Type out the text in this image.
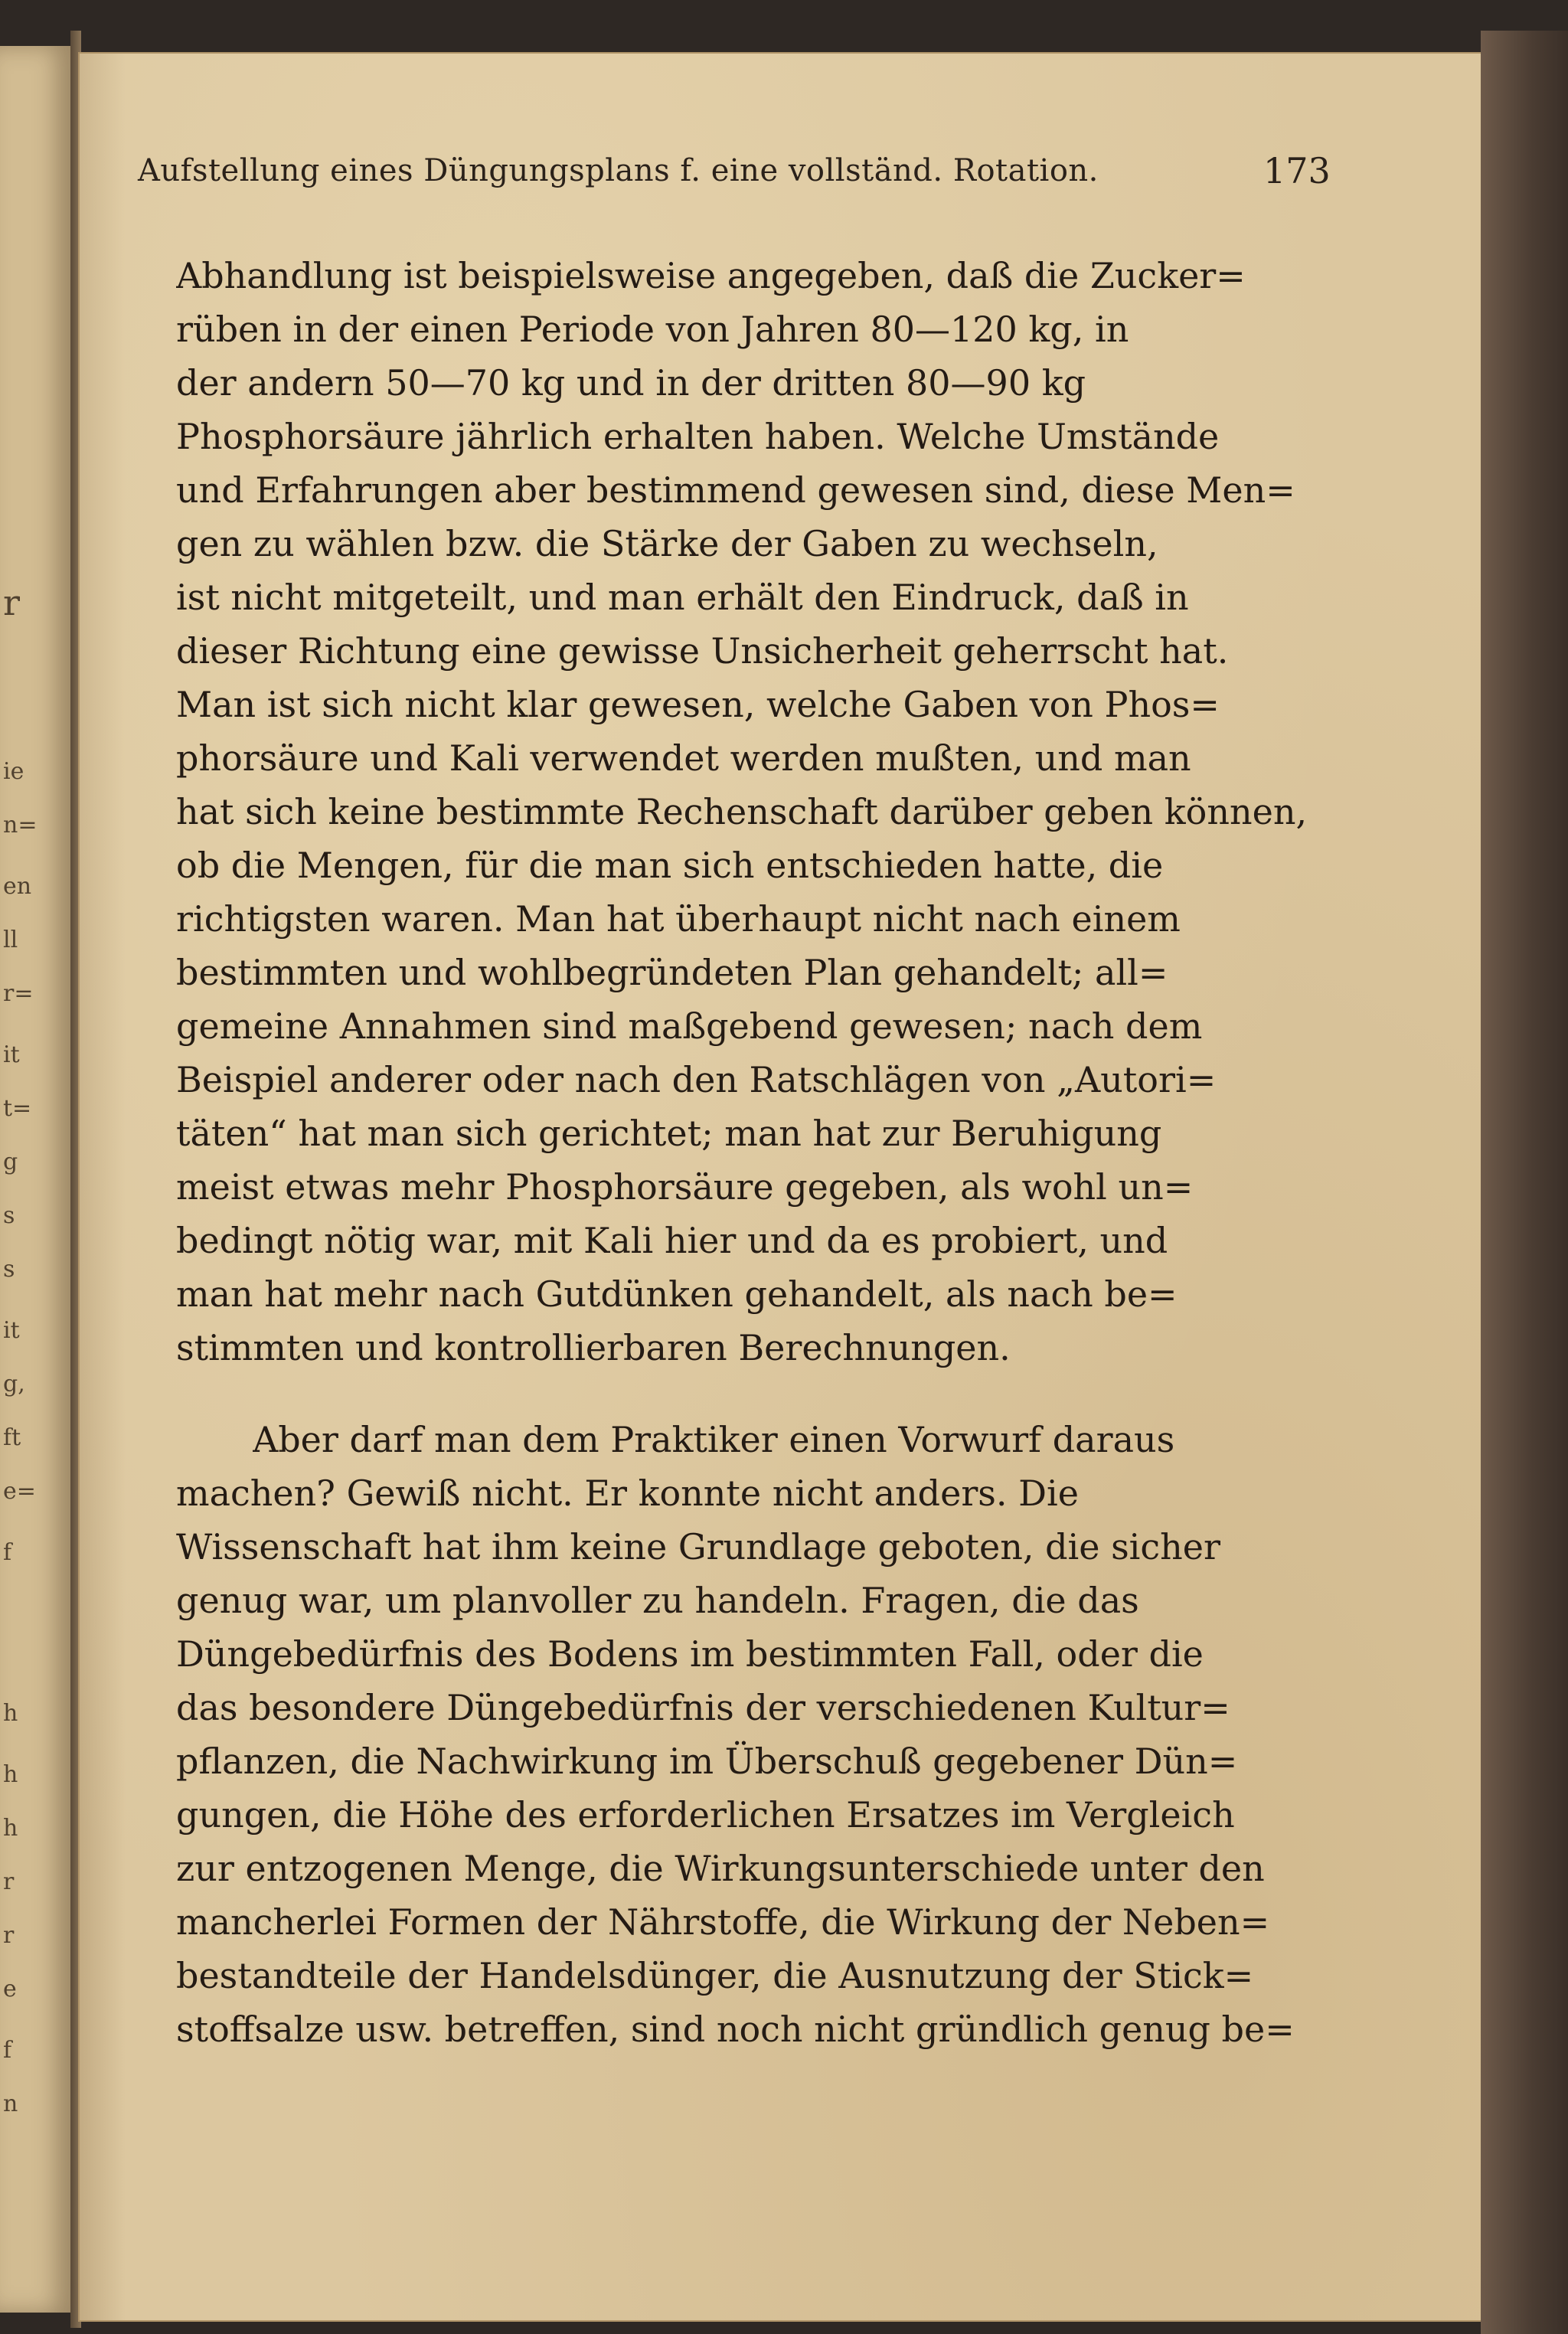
r
ie
n=
en
ll
r=
it
t=
g
s
s
it
g,
ft
e=
f
h
h
h
r
r
e
f
n
Aufstellung eines Düngungsplans f. eine vollständ. Rotation.	173
Abhandlung ist beispielsweise angegeben, daß die Zucker=
rüben in der einen Periode von Jahren 80—120 kg, in
der andern 50—70 kg und in der dritten 80—90 kg
Phosphorsäure jährlich erhalten haben. Welche Umstände
und Erfahrungen aber bestimmend gewesen sind, diese Men=
gen zu wählen bzw. die Stärke der Gaben zu wechseln,
ist nicht mitgeteilt, und man erhält den Eindruck, daß in
dieser Richtung eine gewisse Unsicherheit geherrscht hat.
Man ist sich nicht klar gewesen, welche Gaben von Phos=
phorsäure und Kali verwendet werden mußten, und man
hat sich keine bestimmte Rechenschaft darüber geben können,
ob die Mengen, für die man sich entschieden hatte, die
richtigsten waren. Man hat überhaupt nicht nach einem
bestimmten und wohlbegründeten Plan gehandelt; all=
gemeine Annahmen sind maßgebend gewesen; nach dem
Beispiel anderer oder nach den Ratschlägen von „Autori=
täten“ hat man sich gerichtet; man hat zur Beruhigung
meist etwas mehr Phosphorsäure gegeben, als wohl un=
bedingt nötig war, mit Kali hier und da es probiert, und
man hat mehr nach Gutdünken gehandelt, als nach be=
stimmten und kontrollierbaren Berechnungen.
Aber darf man dem Praktiker einen Vorwurf daraus
machen? Gewiß nicht. Er konnte nicht anders. Die
Wissenschaft hat ihm keine Grundlage geboten, die sicher
genug war, um planvoller zu handeln. Fragen, die das
Düngebedürfnis des Bodens im bestimmten Fall, oder die
das besondere Düngebedürfnis der verschiedenen Kultur=
pflanzen, die Nachwirkung im Überschuß gegebener Dün=
gungen, die Höhe des erforderlichen Ersatzes im Vergleich
zur entzogenen Menge, die Wirkungsunterschiede unter den
mancherlei Formen der Nährstoffe, die Wirkung der Neben=
bestandteile der Handelsdünger, die Ausnutzung der Stick=
stoffsalze usw. betreffen, sind noch nicht gründlich genug be=
